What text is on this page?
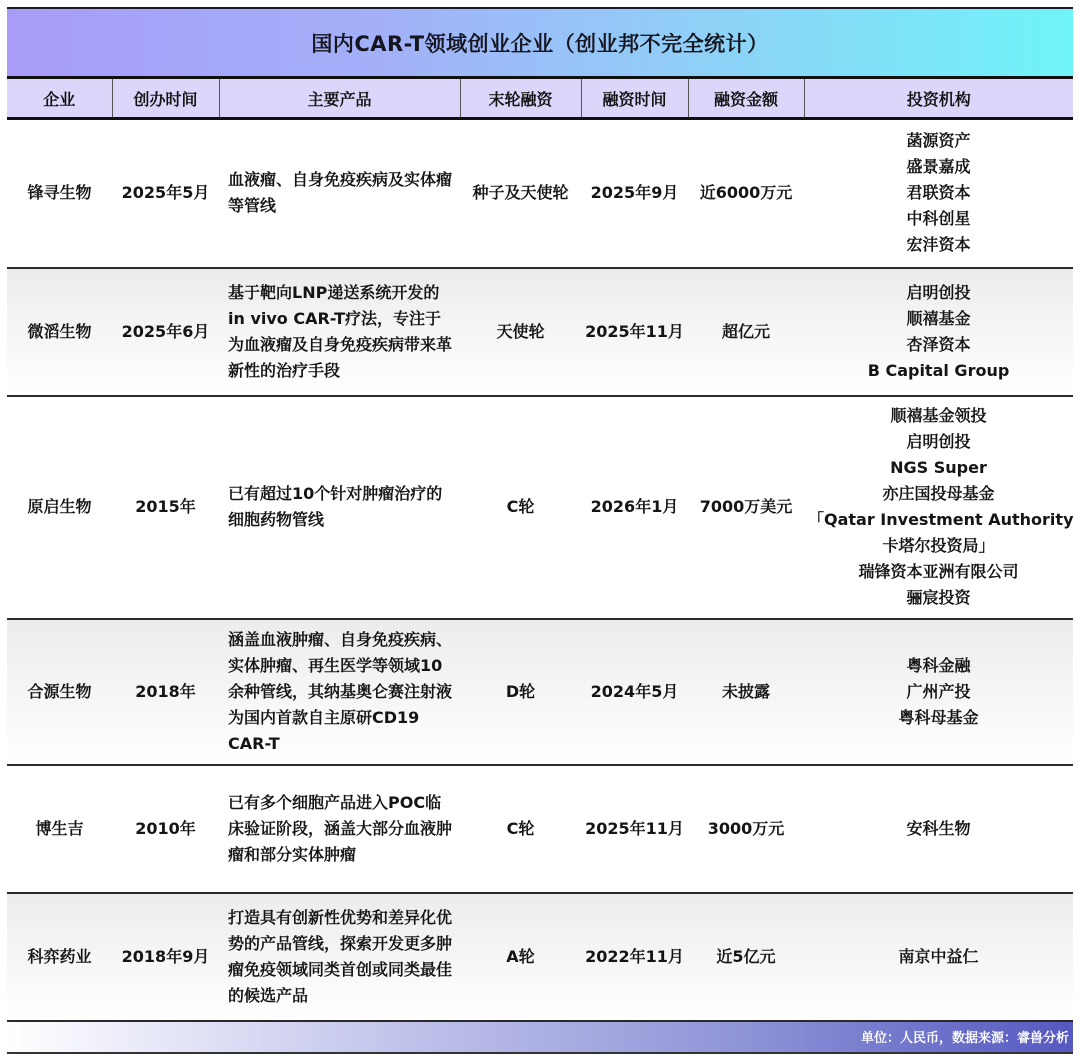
国内CAR-T领域创业企业（创业邦不完全统计）
企业	创办时间	主要产品	末轮融资	融资时间	融资金额	投资机构
锋寻生物	2025年5月	血液瘤、自身免疫疾病及实体瘤等管线	种子及天使轮	2025年9月	近6000万元	菡源资产
盛景嘉成
君联资本
中科创星
宏沣资本

微滔生物	2025年6月	基于靶向LNP递送系统开发的in vivo CAR-T疗法，专注于为血液瘤及自身免疫疾病带来革新性的治疗手段	天使轮	2025年11月	超亿元	启明创投
顺禧基金
杏泽资本
B Capital Group

原启生物	2015年	已有超过10个针对肿瘤治疗的细胞药物管线	C轮	2026年1月	7000万美元	
顺禧基金领投
启明创投
NGS Super
亦庄国投母基金
「Qatar Investment Authority
卡塔尔投资局」
瑞锋资本亚洲有限公司
骊宸投资

合源生物	2018年	涵盖血液肿瘤、自身免疫疾病、实体肿瘤、再生医学等领域10余种管线，其纳基奥仑赛注射液为国内首款自主原研CD19 CAR-T	D轮	2024年5月	未披露	粤科金融
广州产投
粤科母基金

博生吉	2010年	已有多个细胞产品进入POC临床验证阶段，涵盖大部分血液肿瘤和部分实体肿瘤	C轮	2025年11月	3000万元	安科生物

科弈药业	2018年9月	打造具有创新性优势和差异化优势的产品管线，探索开发更多肿瘤免疫领域同类首创或同类最佳的候选产品	A轮	2022年11月	近5亿元	南京中益仁
单位：人民币，数据来源：睿兽分析
